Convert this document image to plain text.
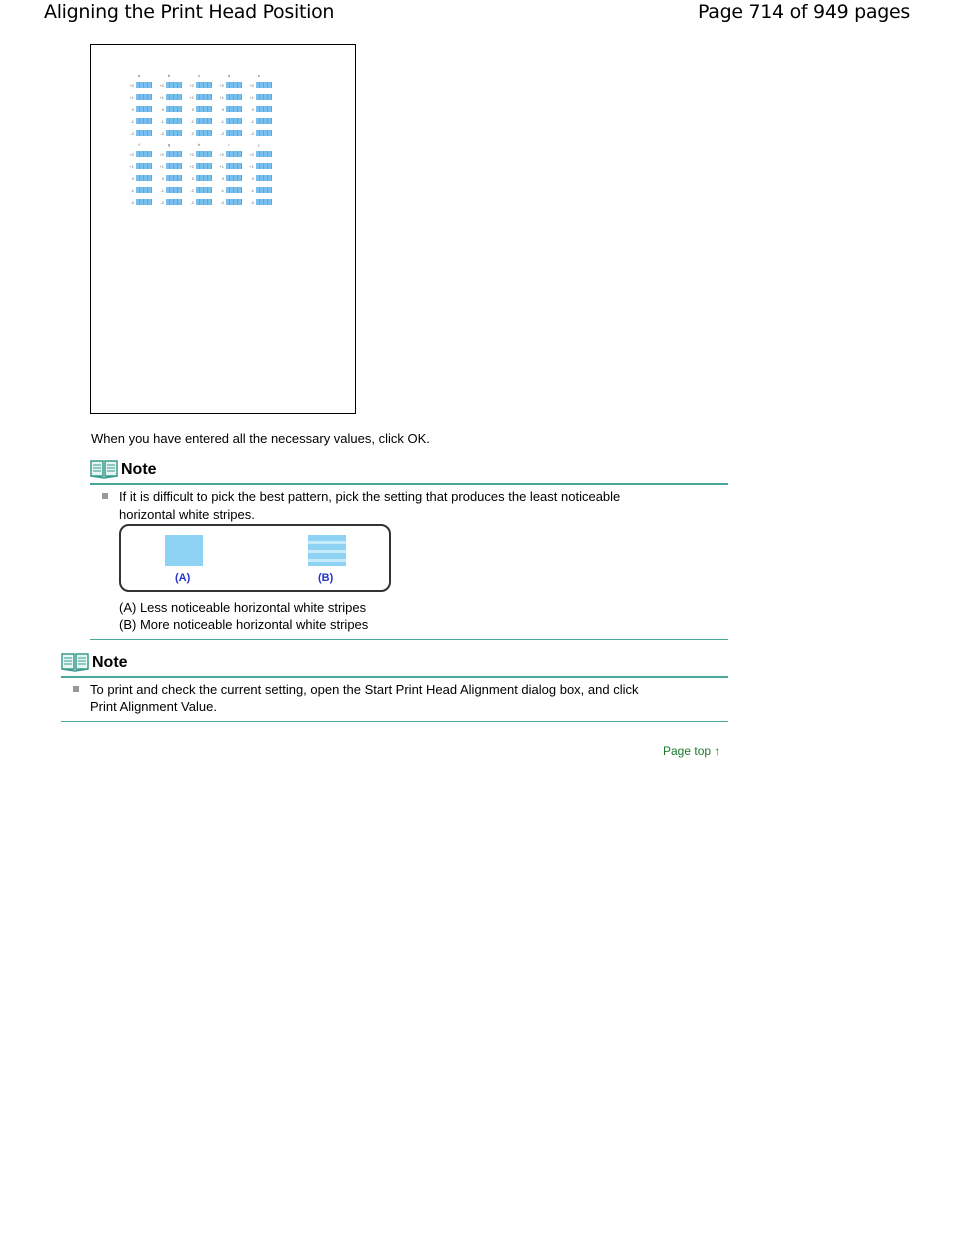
Aligning the Print Head Position	Page 714 of 949 pages
a	b	c	d	e
+2	+2	+2	+2	+2
+1	+1	+1	+1	+1
0	0	0	0	0
-1	-1	-1	-1	-1
-2	-2	-2	-2	-2
f	g	h	i	j
+2	+2	+2	+2	+2
+1	+1	+1	+1	+1
0	0	0	0	0
-1	-1	-1	-1	-1
-2	-2	-2	-2	-2
When you have entered all the necessary values, click OK.
Note
If it is difficult to pick the best pattern, pick the setting that produces the least noticeable
horizontal white stripes.
(A)	(B)
(A) Less noticeable horizontal white stripes
(B) More noticeable horizontal white stripes
Note
To print and check the current setting, open the Start Print Head Alignment dialog box, and click
Print Alignment Value.
Page top ↑
